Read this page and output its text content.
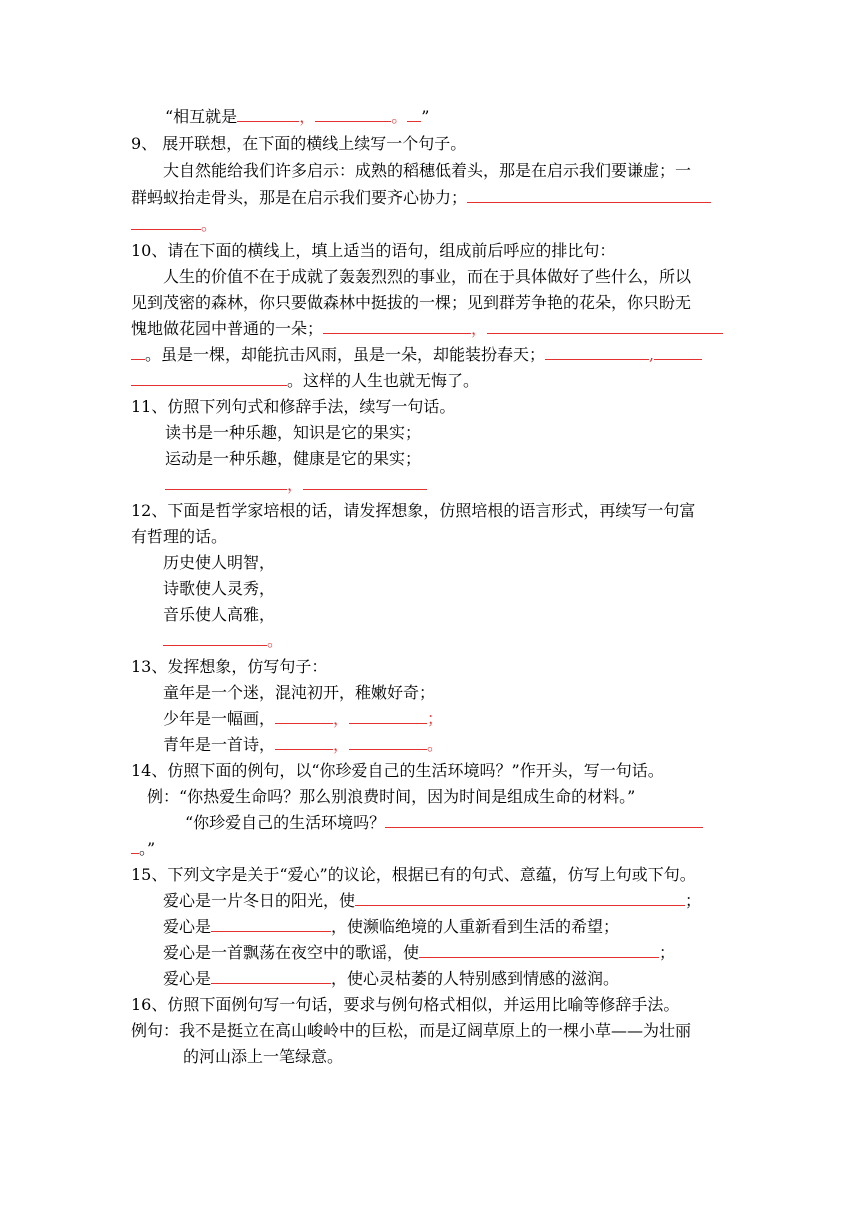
“相互就是	，	。 ”
9、 展开联想，在下面的横线上续写一个句子。
大自然能给我们许多启示：成熟的稻穗低着头，那是在启示我们要谦虚；一
群蚂蚁抬走骨头，那是在启示我们要齐心协力；
。
10、请在下面的横线上，填上适当的语句，组成前后呼应的排比句：
人生的价值不在于成就了轰轰烈烈的事业，而在于具体做好了些什么，所以
见到茂密的森林，你只要做森林中挺拔的一棵；见到群芳争艳的花朵，你只盼无
愧地做花园中普通的一朵；	，
。虽是一棵，却能抗击风雨，虽是一朵，却能装扮春天；	,
。这样的人生也就无悔了。
11、仿照下列句式和修辞手法，续写一句话。
读书是一种乐趣，知识是它的果实；
运动是一种乐趣，健康是它的果实；
，
12、下面是哲学家培根的话，请发挥想象，仿照培根的语言形式，再续写一句富
有哲理的话。
历史使人明智，
诗歌使人灵秀，
音乐使人高雅，
。
13、发挥想象，仿写句子：
童年是一个迷，混沌初开，稚嫩好奇；
少年是一幅画，	，	；
青年是一首诗，	，	。
14、仿照下面的例句，以“你珍爱自己的生活环境吗？”作开头，写一句话。
例：“你热爱生命吗？那么别浪费时间，因为时间是组成生命的材料。”
“你珍爱自己的生活环境吗？
。”
15、下列文字是关于“爱心”的议论，根据已有的句式、意蕴，仿写上句或下句。
爱心是一片冬日的阳光，使	；
爱心是	，使濒临绝境的人重新看到生活的希望；
爱心是一首飘荡在夜空中的歌谣，使	；
爱心是	，使心灵枯萎的人特别感到情感的滋润。
16、仿照下面例句写一句话，要求与例句格式相似，并运用比喻等修辞手法。
例句：我不是挺立在高山峻岭中的巨松，而是辽阔草原上的一棵小草——为壮丽
的河山添上一笔绿意。
